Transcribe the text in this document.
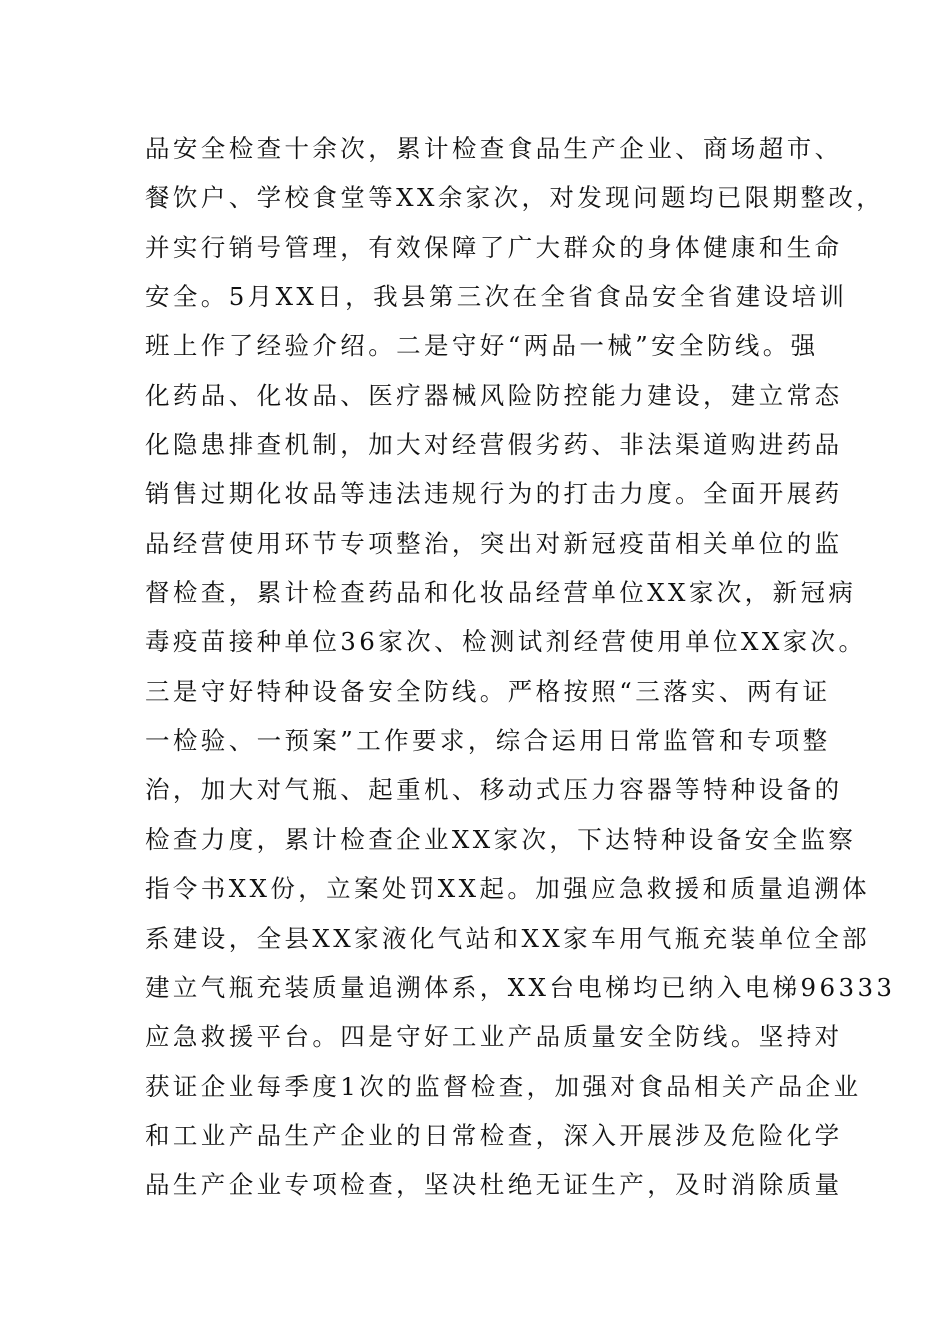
品安全检查十余次，累计检查食品生产企业、商场超市、
餐饮户、学校食堂等XX余家次，对发现问题均已限期整改，
并实行销号管理，有效保障了广大群众的身体健康和生命
安全。5月XX日，我县第三次在全省食品安全省建设培训
班上作了经验介绍。二是守好“两品一械”安全防线。强
化药品、化妆品、医疗器械风险防控能力建设，建立常态
化隐患排查机制，加大对经营假劣药、非法渠道购进药品
销售过期化妆品等违法违规行为的打击力度。全面开展药
品经营使用环节专项整治，突出对新冠疫苗相关单位的监
督检查，累计检查药品和化妆品经营单位XX家次，新冠病
毒疫苗接种单位36家次、检测试剂经营使用单位XX家次。
三是守好特种设备安全防线。严格按照“三落实、两有证
一检验、一预案”工作要求，综合运用日常监管和专项整
治，加大对气瓶、起重机、移动式压力容器等特种设备的
检查力度，累计检查企业XX家次，下达特种设备安全监察
指令书XX份，立案处罚XX起。加强应急救援和质量追溯体
系建设，全县XX家液化气站和XX家车用气瓶充装单位全部
建立气瓶充装质量追溯体系，XX台电梯均已纳入电梯96333
应急救援平台。四是守好工业产品质量安全防线。坚持对
获证企业每季度1次的监督检查，加强对食品相关产品企业
和工业产品生产企业的日常检查，深入开展涉及危险化学
品生产企业专项检查，坚决杜绝无证生产，及时消除质量
